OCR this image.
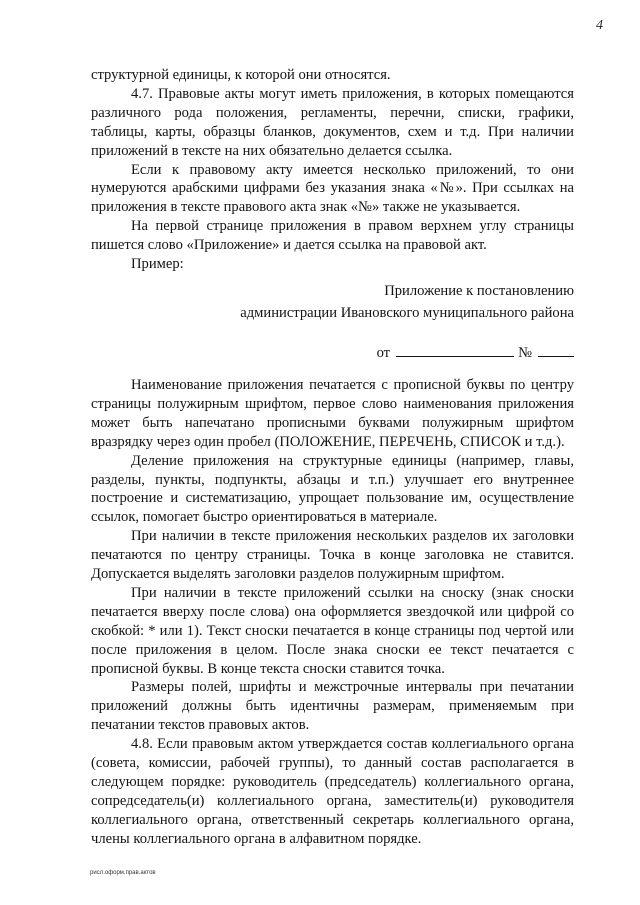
4

структурной единицы, к которой они относятся.

4.7. Правовые акты могут иметь приложения, в которых помещаются различного рода положения, регламенты, перечни, списки, графики, таблицы, карты, образцы бланков, документов, схем и т.д. При наличии приложений в тексте на них обязательно делается ссылка.

Если к правовому акту имеется несколько приложений, то они нумеруются арабскими цифрами без указания знака «№». При ссылках на приложения в тексте правового акта знак «№» также не указывается.

На первой странице приложения в правом верхнем углу страницы пишется слово «Приложение» и дается ссылка на правовой акт.

Пример:

Приложение к постановлению
администрации Ивановского муниципального района
от	№

Наименование приложения печатается с прописной буквы по центру страницы полужирным шрифтом, первое слово наименования приложения может быть напечатано прописными буквами полужирным шрифтом вразрядку через один пробел (ПОЛОЖЕНИЕ, ПЕРЕЧЕНЬ, СПИСОК и т.д.).

Деление приложения на структурные единицы (например, главы, разделы, пункты, подпункты, абзацы и т.п.) улучшает его внутреннее построение и систематизацию, упрощает пользование им, осуществление ссылок, помогает быстро ориентироваться в материале.

При наличии в тексте приложения нескольких разделов их заголовки печатаются по центру страницы. Точка в конце заголовка не ставится. Допускается выделять заголовки разделов полужирным шрифтом.

При наличии в тексте приложений ссылки на сноску (знак сноски печатается вверху после слова) она оформляется звездочкой или цифрой со скобкой: * или 1). Текст сноски печатается в конце страницы под чертой или после приложения в целом. После знака сноски ее текст печатается с прописной буквы. В конце текста сноски ставится точка.

Размеры полей, шрифты и межстрочные интервалы при печатании приложений должны быть идентичны размерам, применяемым при печатании текстов правовых актов.

4.8. Если правовым актом утверждается состав коллегиального органа (совета, комиссии, рабочей группы), то данный состав располагается в следующем порядке: руководитель (председатель) коллегиального органа, сопредседатель(и) коллегиального органа, заместитель(и) руководителя коллегиального органа, ответственный секретарь коллегиального органа, члены коллегиального органа в алфавитном порядке.

рисл.оформ.прав.актов
